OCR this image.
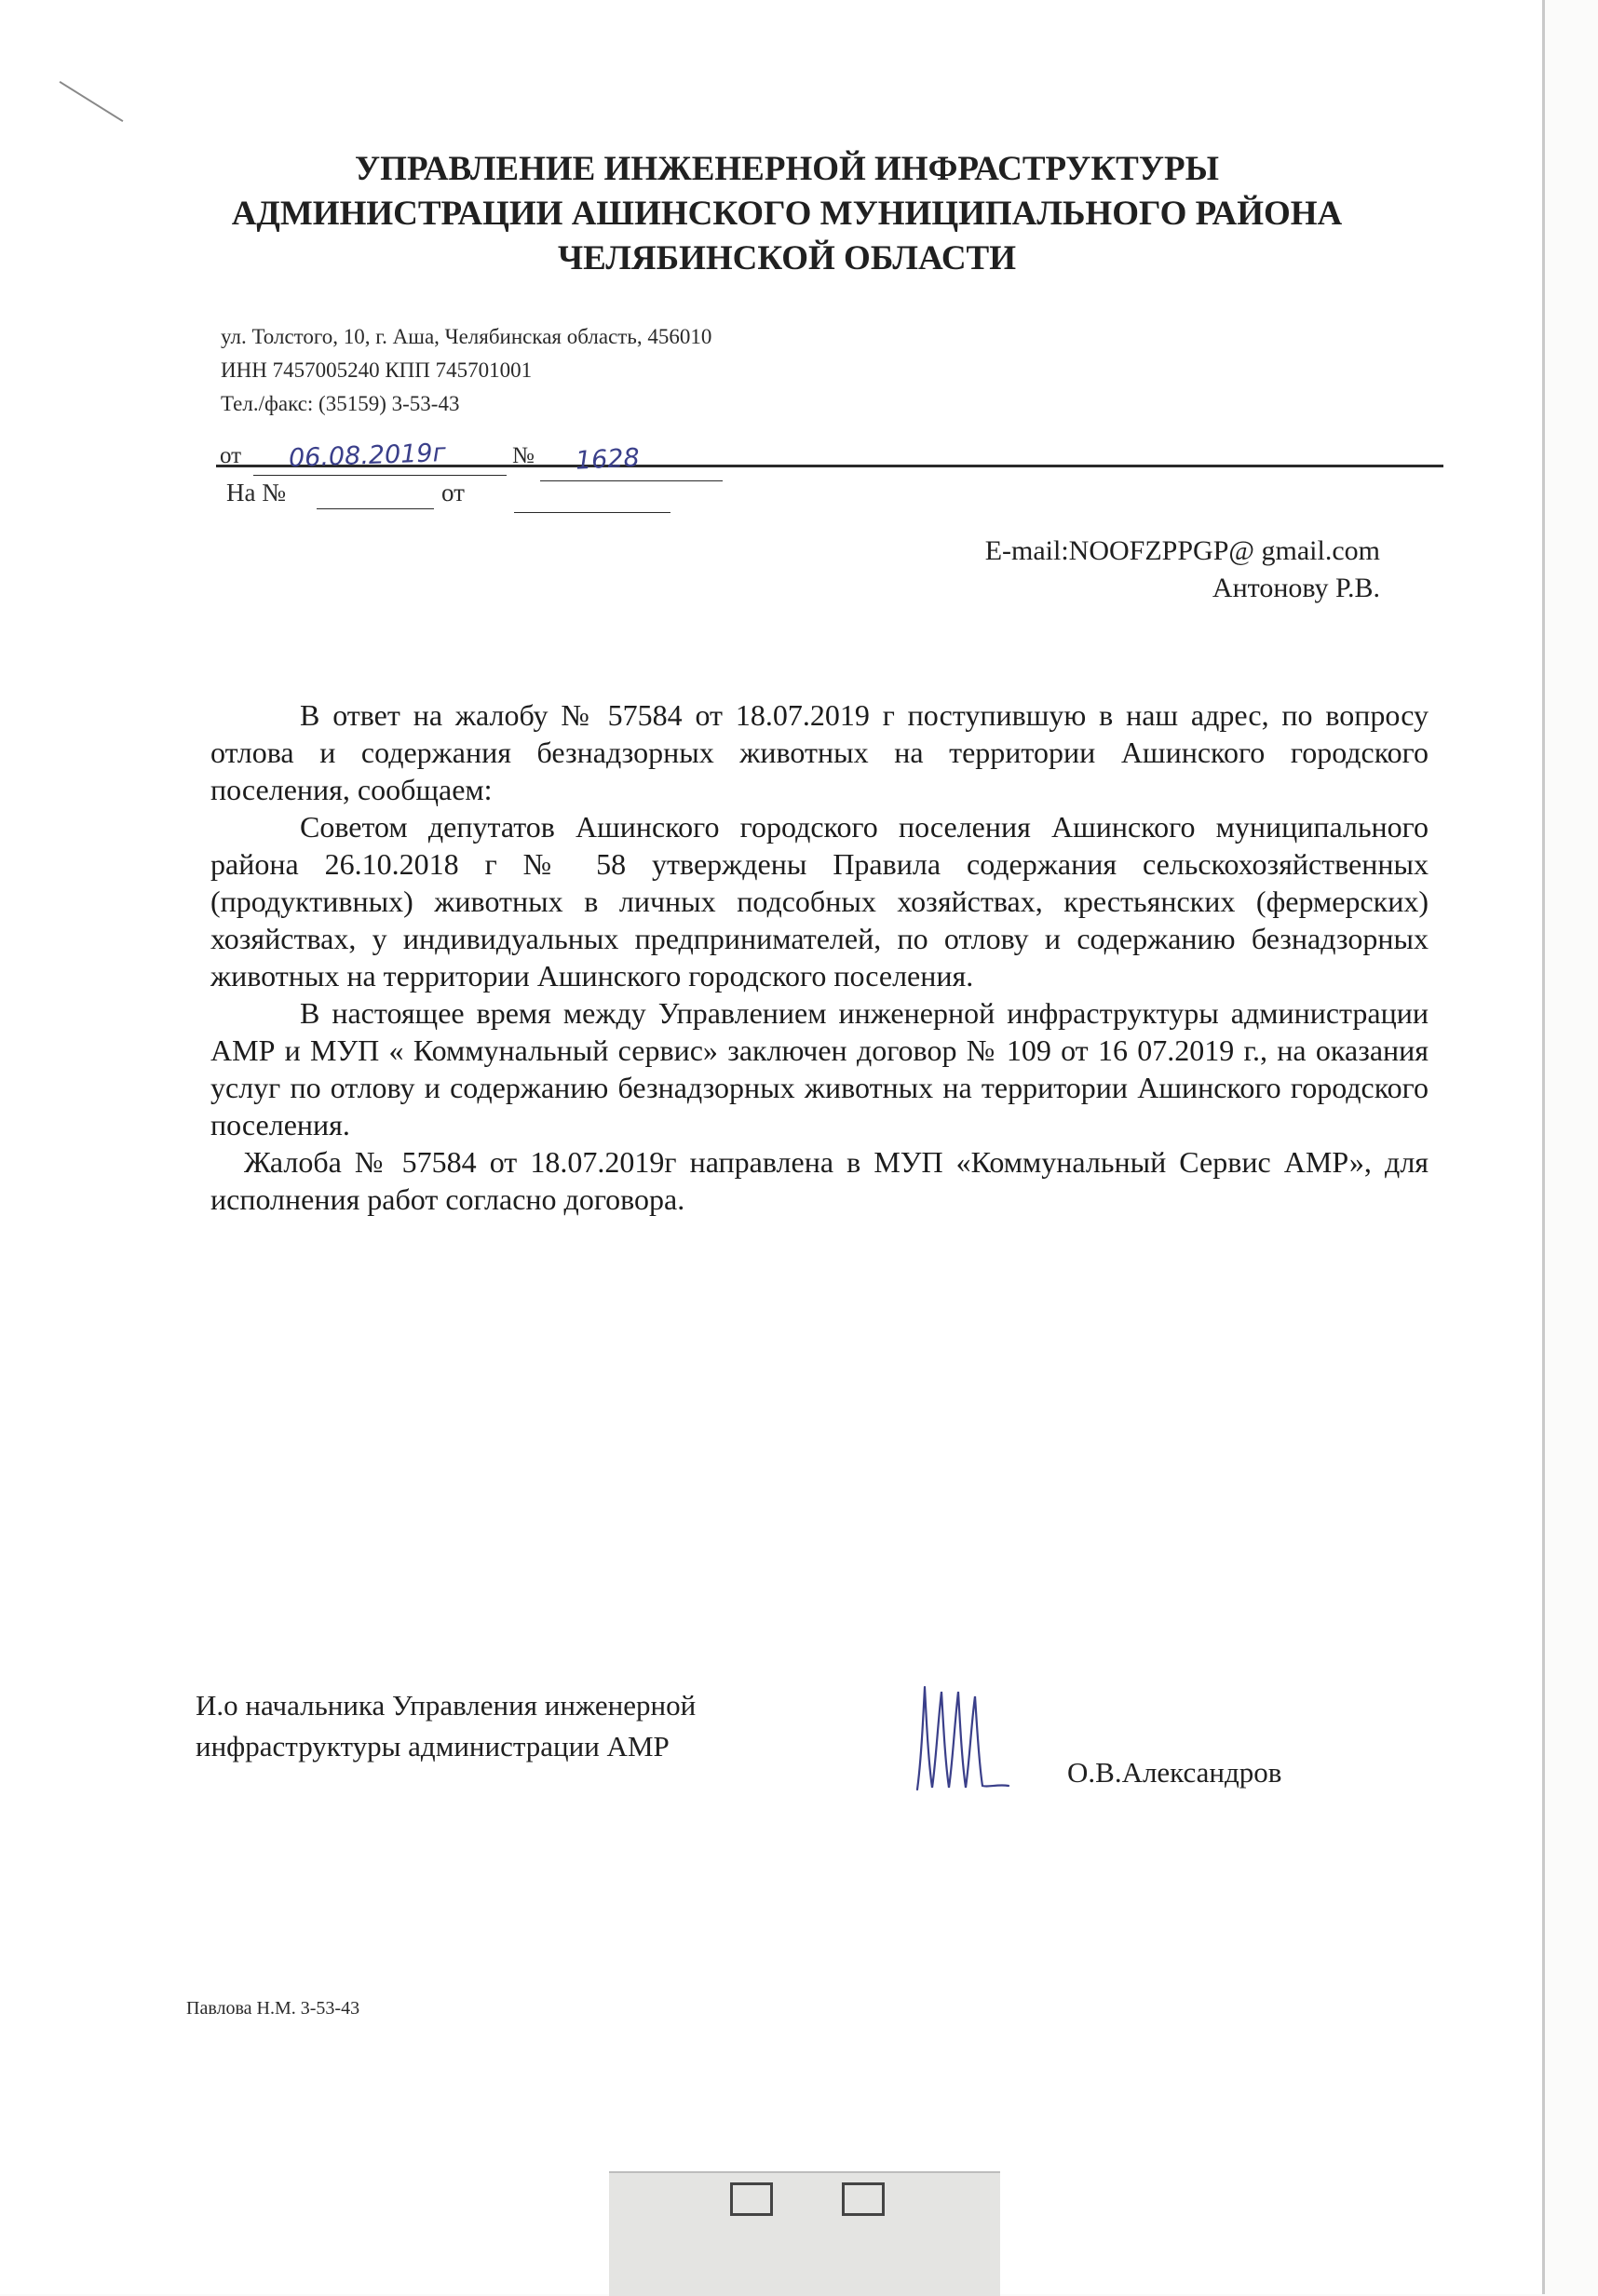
УПРАВЛЕНИЕ ИНЖЕНЕРНОЙ ИНФРАСТРУКТУРЫ
АДМИНИСТРАЦИИ АШИНСКОГО МУНИЦИПАЛЬНОГО РАЙОНА
ЧЕЛЯБИНСКОЙ ОБЛАСТИ
ул. Толстого, 10, г. Аша, Челябинская область, 456010
ИНН 7457005240 КПП 745701001
Тел./факс: (35159) 3-53-43
от 06.08.2019г	№ 1628
На №	от
E-mail:NOOFZPPGP@ gmail.com
Антонову Р.В.

В ответ на жалобу № 57584 от 18.07.2019 г поступившую в наш адрес, по вопросу отлова и содержания безнадзорных животных на территории Ашинского городского поселения, сообщаем:

Советом депутатов Ашинского городского поселения Ашинского муниципального района 26.10.2018 г № 58 утверждены Правила содержания сельскохозяйственных (продуктивных) животных в личных подсобных хозяйствах, крестьянских (фермерских) хозяйствах, у индивидуальных предпринимателей, по отлову и содержанию безнадзорных животных на территории Ашинского городского поселения.

В настоящее время между Управлением инженерной инфраструктуры администрации АМР и МУП « Коммунальный сервис» заключен договор № 109 от 16 07.2019 г., на оказания услуг по отлову и содержанию безнадзорных животных на территории Ашинского городского поселения.

Жалоба № 57584 от 18.07.2019г направлена в МУП «Коммунальный Сервис АМР», для исполнения работ согласно договора.

И.о начальника Управления инженерной
инфраструктуры администрации АМР
О.В.Александров
Павлова Н.М. 3-53-43
